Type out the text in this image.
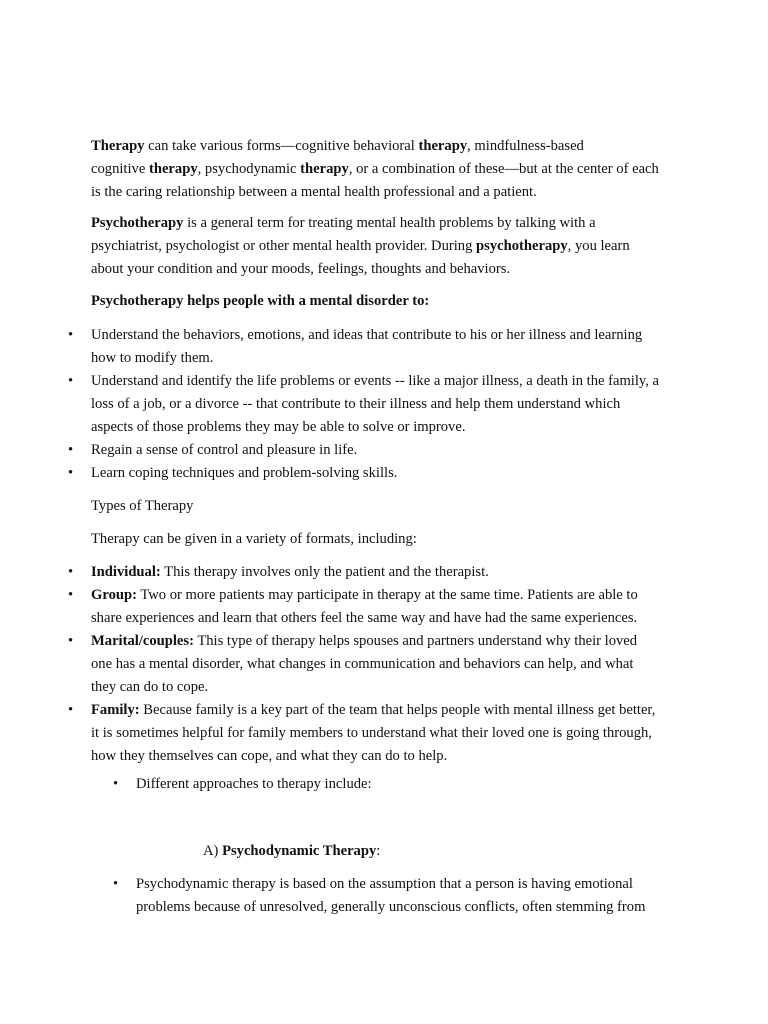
Therapy can take various forms—cognitive behavioral therapy, mindfulness-based
cognitive therapy, psychodynamic therapy, or a combination of these—but at the center of each
is the caring relationship between a mental health professional and a patient.

Psychotherapy is a general term for treating mental health problems by talking with a
psychiatrist, psychologist or other mental health provider. During psychotherapy, you learn
about your condition and your moods, feelings, thoughts and behaviors.

Psychotherapy helps people with a mental disorder to:

•	Understand the behaviors, emotions, and ideas that contribute to his or her illness and learning
how to modify them.
•	Understand and identify the life problems or events -- like a major illness, a death in the family, a
loss of a job, or a divorce -- that contribute to their illness and help them understand which
aspects of those problems they may be able to solve or improve.
•	Regain a sense of control and pleasure in life.
•	Learn coping techniques and problem-solving skills.

Types of Therapy

Therapy can be given in a variety of formats, including:

•	Individual: This therapy involves only the patient and the therapist.
•	Group: Two or more patients may participate in therapy at the same time. Patients are able to
share experiences and learn that others feel the same way and have had the same experiences.
•	Marital/couples: This type of therapy helps spouses and partners understand why their loved
one has a mental disorder, what changes in communication and behaviors can help, and what
they can do to cope.
•	Family: Because family is a key part of the team that helps people with mental illness get better,
it is sometimes helpful for family members to understand what their loved one is going through,
how they themselves can cope, and what they can do to help.
•	Different approaches to therapy include:

A) Psychodynamic Therapy:

•	Psychodynamic therapy is based on the assumption that a person is having emotional
problems because of unresolved, generally unconscious conflicts, often stemming from
